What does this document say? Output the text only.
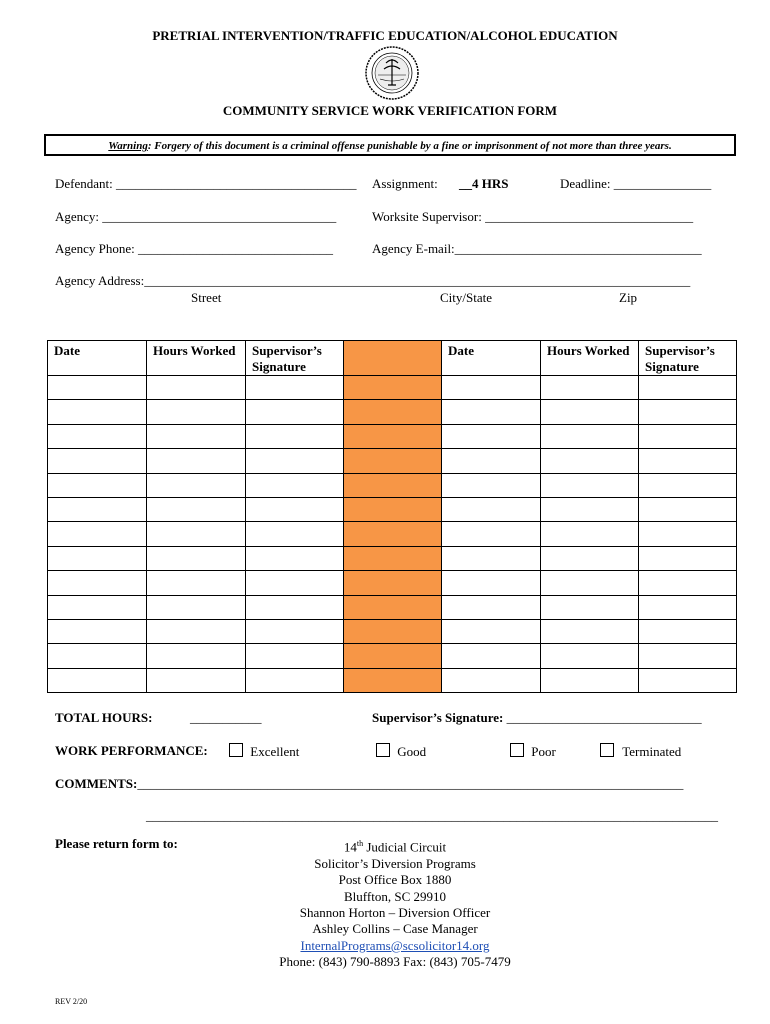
PRETRIAL INTERVENTION/TRAFFIC EDUCATION/ALCOHOL EDUCATION
COMMUNITY SERVICE WORK VERIFICATION FORM
Warning: Forgery of this document is a criminal offense punishable by a fine or imprisonment of not more than three years.
Defendant: _____________________________________ Assignment: __4 HRS	Deadline: _______________
Agency: ____________________________________	Worksite Supervisor: ________________________________
Agency Phone: ______________________________	Agency E-mail:______________________________________
Agency Address:____________________________________________________________________________________
Street	City/State	Zip
Date	Hours Worked	Supervisor’s Signature		Date	Hours Worked	Supervisor’s Signature

TOTAL HOURS:	___________	Supervisor’s Signature: ______________________________
WORK PERFORMANCE:	Excellent	Good	Poor	Terminated
COMMENTS:____________________________________________________________________________________
________________________________________________________________________________________
Please return form to:	14th Judicial Circuit
Solicitor’s Diversion Programs
Post Office Box 1880
Bluffton, SC 29910
Shannon Horton – Diversion Officer
Ashley Collins – Case Manager
InternalPrograms@scsolicitor14.org
Phone: (843) 790-8893 Fax: (843) 705-7479
REV 2/20
